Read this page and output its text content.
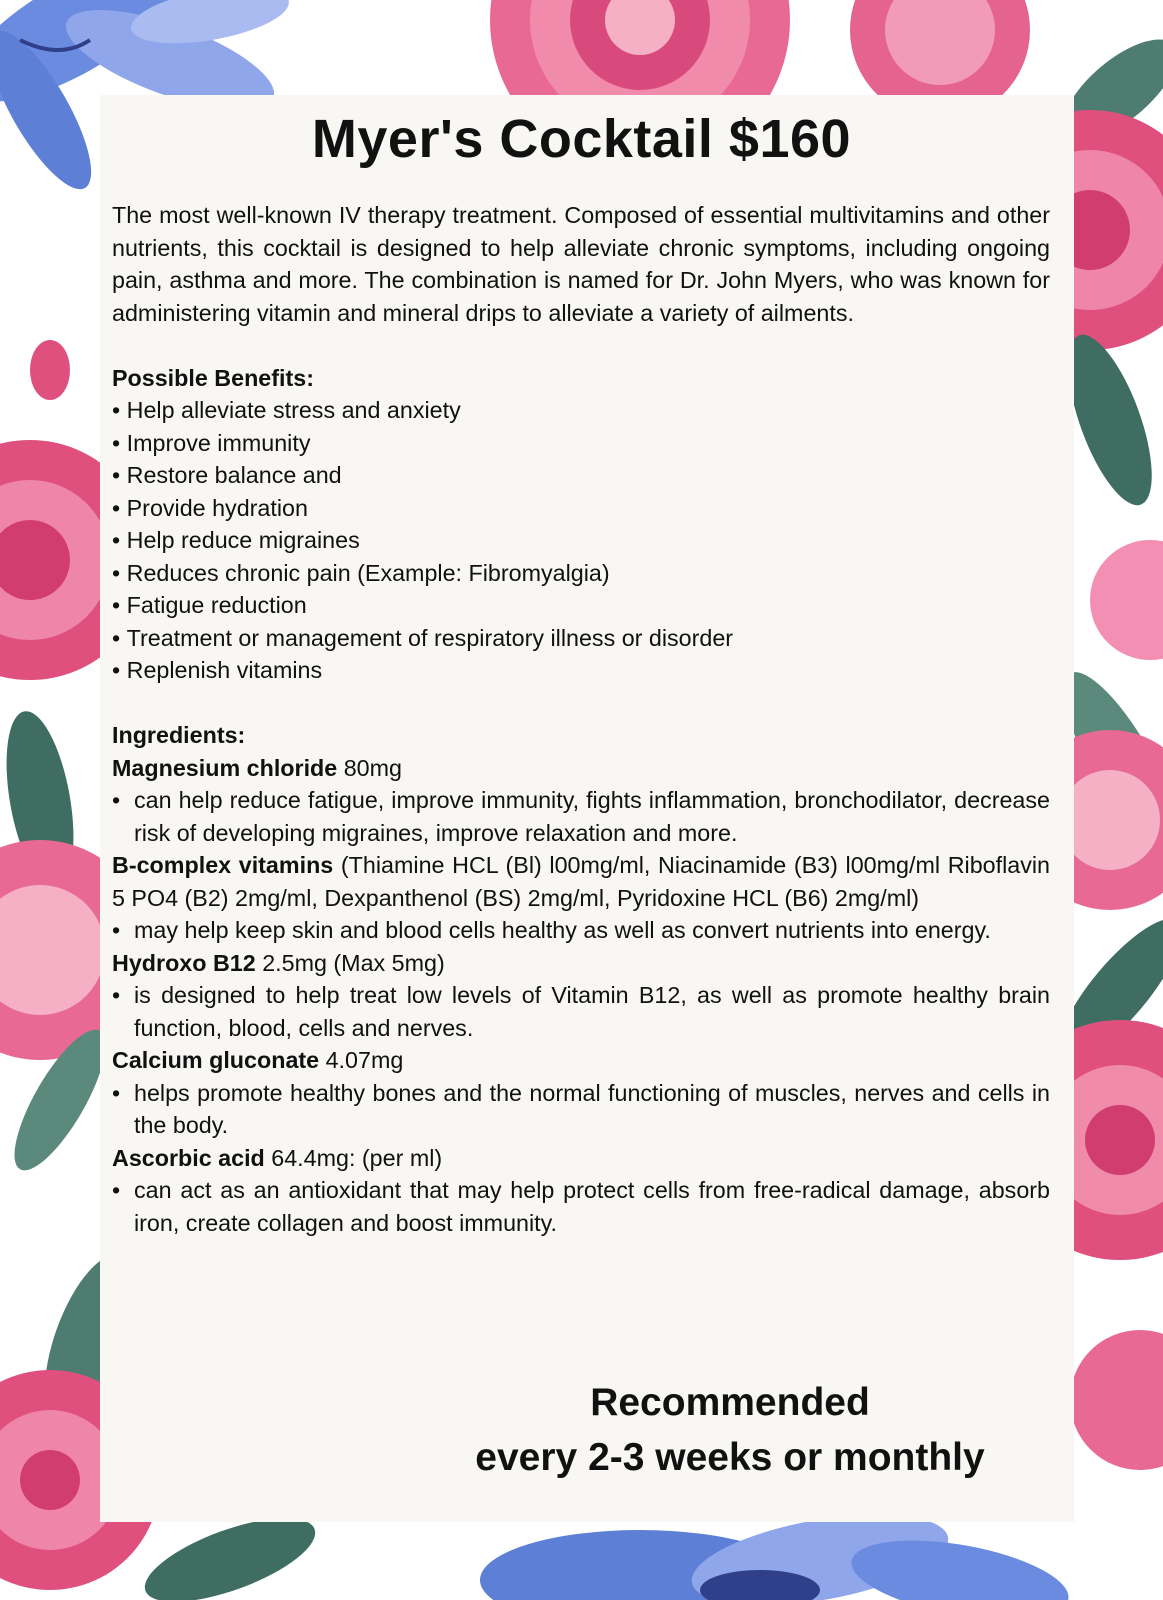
Myer's Cocktail $160

The most well-known IV therapy treatment. Composed of essential multivitamins and other nutrients, this cocktail is designed to help alleviate chronic symptoms, including ongoing pain, asthma and more. The combination is named for Dr. John Myers, who was known for administering vitamin and mineral drips to alleviate a variety of ailments.

Possible Benefits:

• Help alleviate stress and anxiety

• Improve immunity

• Restore balance and

• Provide hydration

• Help reduce migraines

• Reduces chronic pain (Example: Fibromyalgia)

• Fatigue reduction

• Treatment or management of respiratory illness or disorder

• Replenish vitamins

Ingredients:

Magnesium chloride 80mg

• can help reduce fatigue, improve immunity, fights inflammation, bronchodilator, decrease risk of developing migraines, improve relaxation and more.

B-complex vitamins (Thiamine HCL (Bl) l00mg/ml, Niacinamide (B3) l00mg/ml Riboflavin 5 PO4 (B2) 2mg/ml, Dexpanthenol (BS) 2mg/ml, Pyridoxine HCL (B6) 2mg/ml)

• may help keep skin and blood cells healthy as well as convert nutrients into energy.

Hydroxo B12 2.5mg (Max 5mg)

• is designed to help treat low levels of Vitamin B12, as well as promote healthy brain function, blood, cells and nerves.

Calcium gluconate 4.07mg

• helps promote healthy bones and the normal functioning of muscles, nerves and cells in the body.

Ascorbic acid 64.4mg: (per ml)

• can act as an antioxidant that may help protect cells from free-radical damage, absorb iron, create collagen and boost immunity.

Recommended
every 2-3 weeks or monthly
